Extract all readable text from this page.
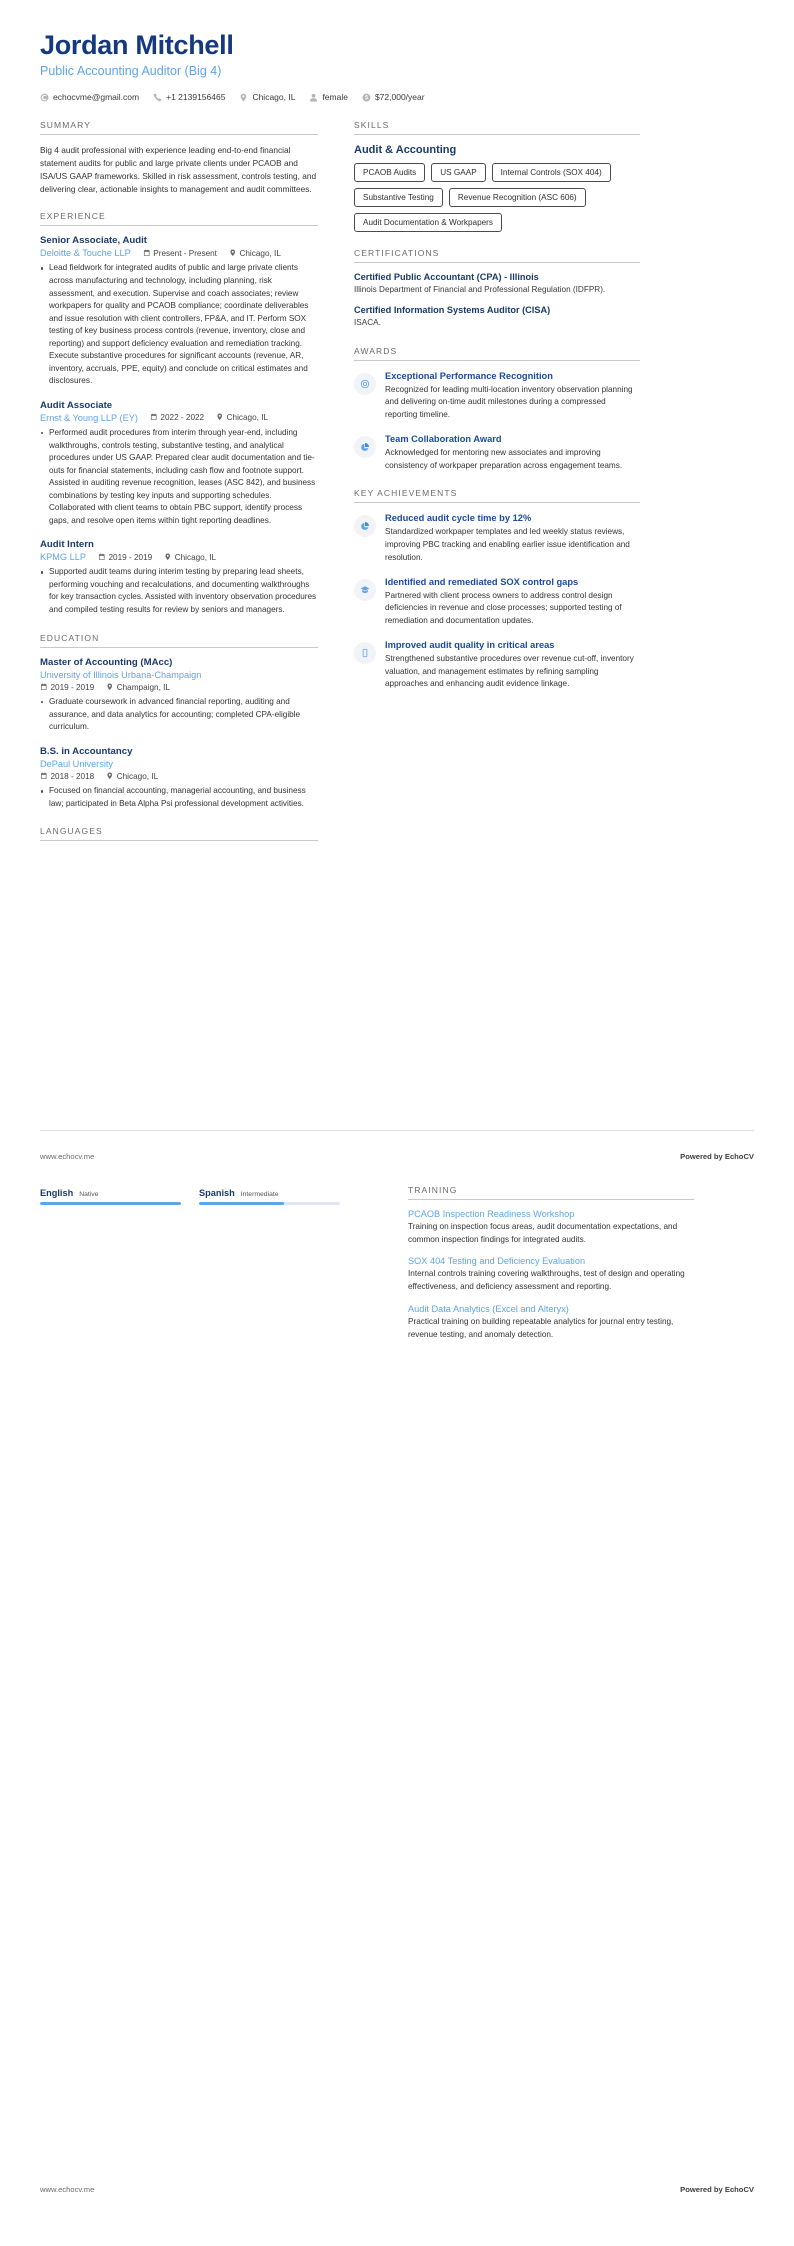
Jordan Mitchell
Public Accounting Auditor (Big 4)
echocvme@gmail.com	+1 2139156465	Chicago, IL	female	$72,000/year
SUMMARY
Big 4 audit professional with experience leading end-to-end financial statement audits for public and large private clients under PCAOB and ISA/US GAAP frameworks. Skilled in risk assessment, controls testing, and delivering clear, actionable insights to management and audit committees.
EXPERIENCE
Senior Associate, Audit
Deloitte & Touche LLP	Present - Present	Chicago, IL
Lead fieldwork for integrated audits of public and large private clients across manufacturing and technology, including planning, risk assessment, and execution. Supervise and coach associates; review workpapers for quality and PCAOB compliance; coordinate deliverables and issue resolution with client controllers, FP&A, and IT. Perform SOX testing of key business process controls (revenue, inventory, close and reporting) and support deficiency evaluation and remediation tracking. Execute substantive procedures for significant accounts (revenue, AR, inventory, accruals, PPE, equity) and conclude on critical estimates and disclosures.
Audit Associate
Ernst & Young LLP (EY)	2022 - 2022	Chicago, IL
Performed audit procedures from interim through year-end, including walkthroughs, controls testing, substantive testing, and analytical procedures under US GAAP. Prepared clear audit documentation and tie-outs for financial statements, including cash flow and footnote support. Assisted in auditing revenue recognition, leases (ASC 842), and business combinations by testing key inputs and supporting schedules. Collaborated with client teams to obtain PBC support, identify process gaps, and resolve open items within tight reporting deadlines.
Audit Intern
KPMG LLP	2019 - 2019	Chicago, IL
Supported audit teams during interim testing by preparing lead sheets, performing vouching and recalculations, and documenting walkthroughs for key transaction cycles. Assisted with inventory observation procedures and compiled testing results for review by seniors and managers.
EDUCATION
Master of Accounting (MAcc)
University of Illinois Urbana-Champaign
2019 - 2019	Champaign, IL
Graduate coursework in advanced financial reporting, auditing and assurance, and data analytics for accounting; completed CPA-eligible curriculum.
B.S. in Accountancy
DePaul University
2018 - 2018	Chicago, IL
Focused on financial accounting, managerial accounting, and business law; participated in Beta Alpha Psi professional development activities.
LANGUAGES
SKILLS
Audit & Accounting
PCAOB Audits	US GAAP	Internal Controls (SOX 404)
Substantive Testing	Revenue Recognition (ASC 606)
Audit Documentation & Workpapers
CERTIFICATIONS
Certified Public Accountant (CPA) - Illinois
Illinois Department of Financial and Professional Regulation (IDFPR).
Certified Information Systems Auditor (CISA)
ISACA.
AWARDS
Exceptional Performance Recognition
Recognized for leading multi-location inventory observation planning and delivering on-time audit milestones during a compressed reporting timeline.
Team Collaboration Award
Acknowledged for mentoring new associates and improving consistency of workpaper preparation across engagement teams.
KEY ACHIEVEMENTS
Reduced audit cycle time by 12%
Standardized workpaper templates and led weekly status reviews, improving PBC tracking and enabling earlier issue identification and resolution.
Identified and remediated SOX control gaps
Partnered with client process owners to address control design deficiencies in revenue and close processes; supported testing of remediation and documentation updates.
Improved audit quality in critical areas
Strengthened substantive procedures over revenue cut-off, inventory valuation, and management estimates by refining sampling approaches and enhancing audit evidence linkage.
www.echocv.me	Powered by EchoCV
English Native	Spanish Intermediate	TRAINING
PCAOB Inspection Readiness Workshop
Training on inspection focus areas, audit documentation expectations, and common inspection findings for integrated audits.
SOX 404 Testing and Deficiency Evaluation
Internal controls training covering walkthroughs, test of design and operating effectiveness, and deficiency assessment and reporting.
Audit Data Analytics (Excel and Alteryx)
Practical training on building repeatable analytics for journal entry testing, revenue testing, and anomaly detection.
www.echocv.me	Powered by EchoCV
